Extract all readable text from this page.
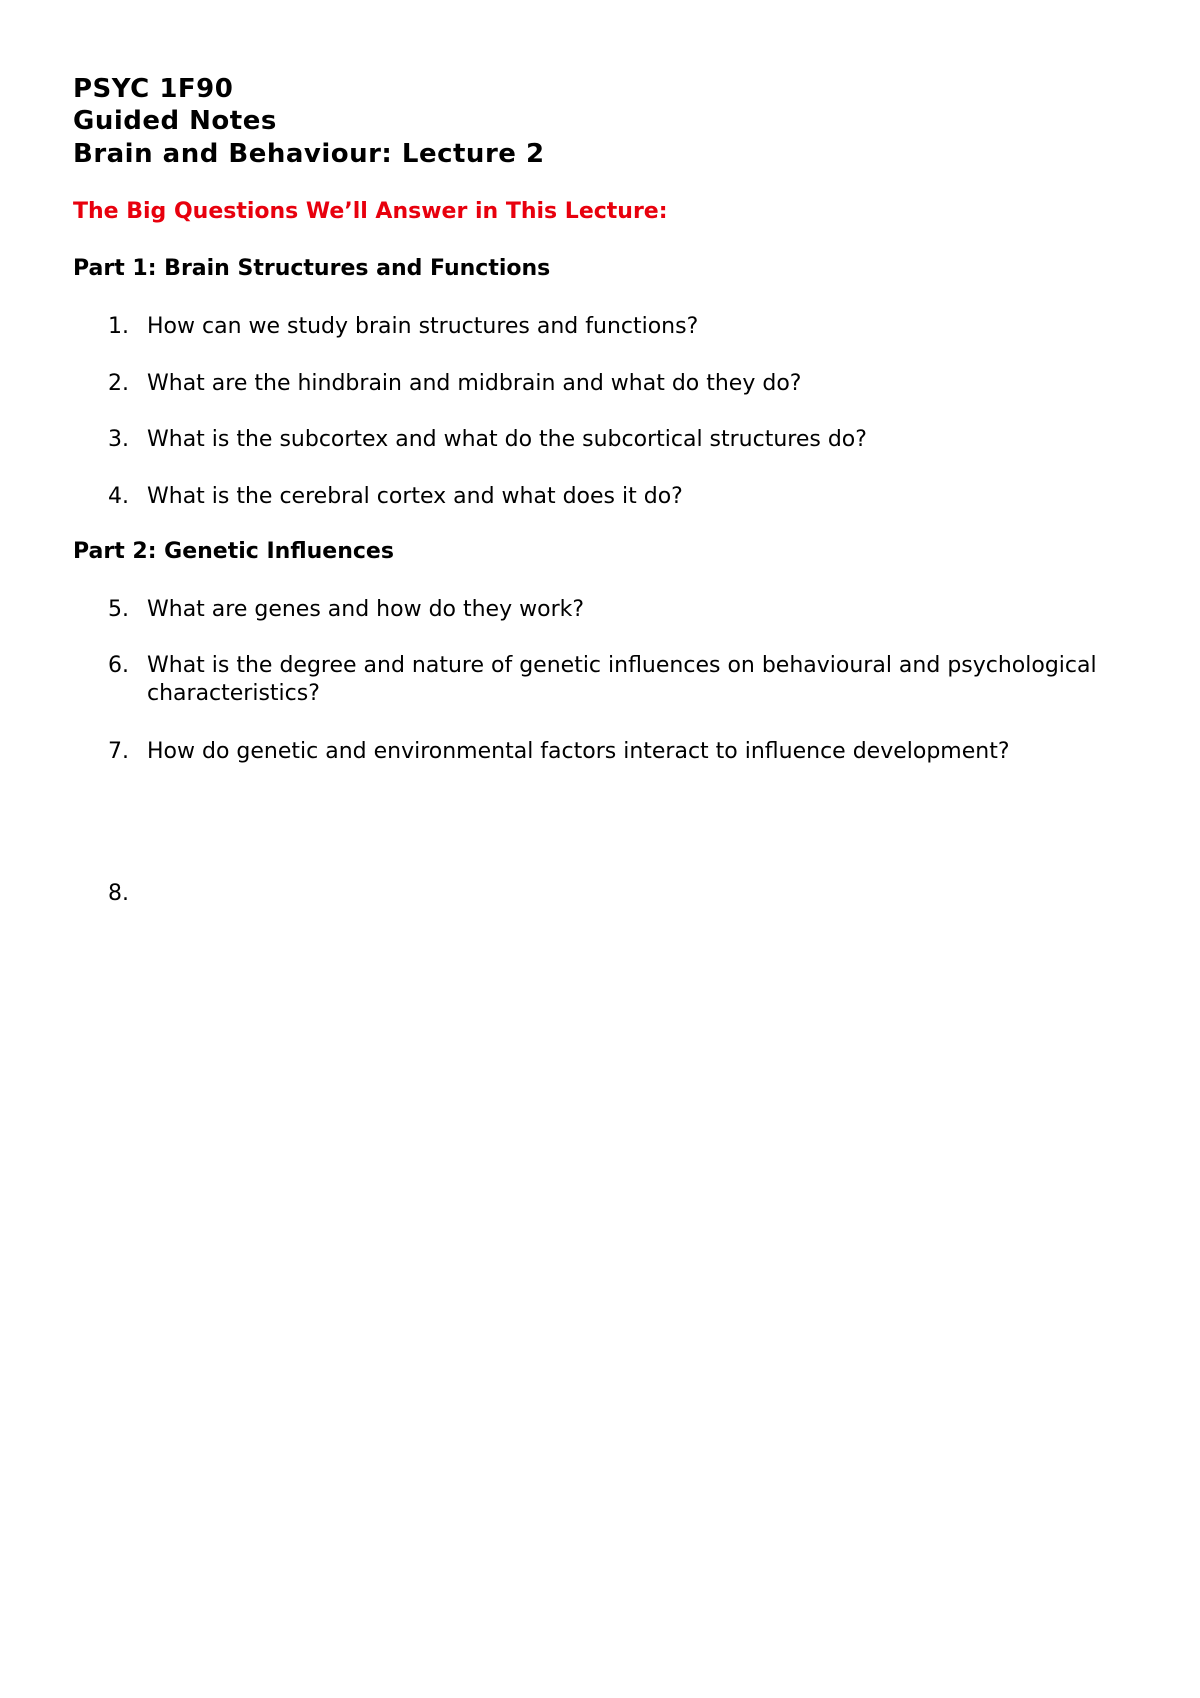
PSYC 1F90
Guided Notes
Brain and Behaviour: Lecture 2
The Big Questions We’ll Answer in This Lecture:
Part 1: Brain Structures and Functions
1. How can we study brain structures and functions?
2. What are the hindbrain and midbrain and what do they do?
3. What is the subcortex and what do the subcortical structures do?
4. What is the cerebral cortex and what does it do?
Part 2: Genetic Influences
5. What are genes and how do they work?
6. What is the degree and nature of genetic influences on behavioural and psychological characteristics?
7. How do genetic and environmental factors interact to influence development?
8.
